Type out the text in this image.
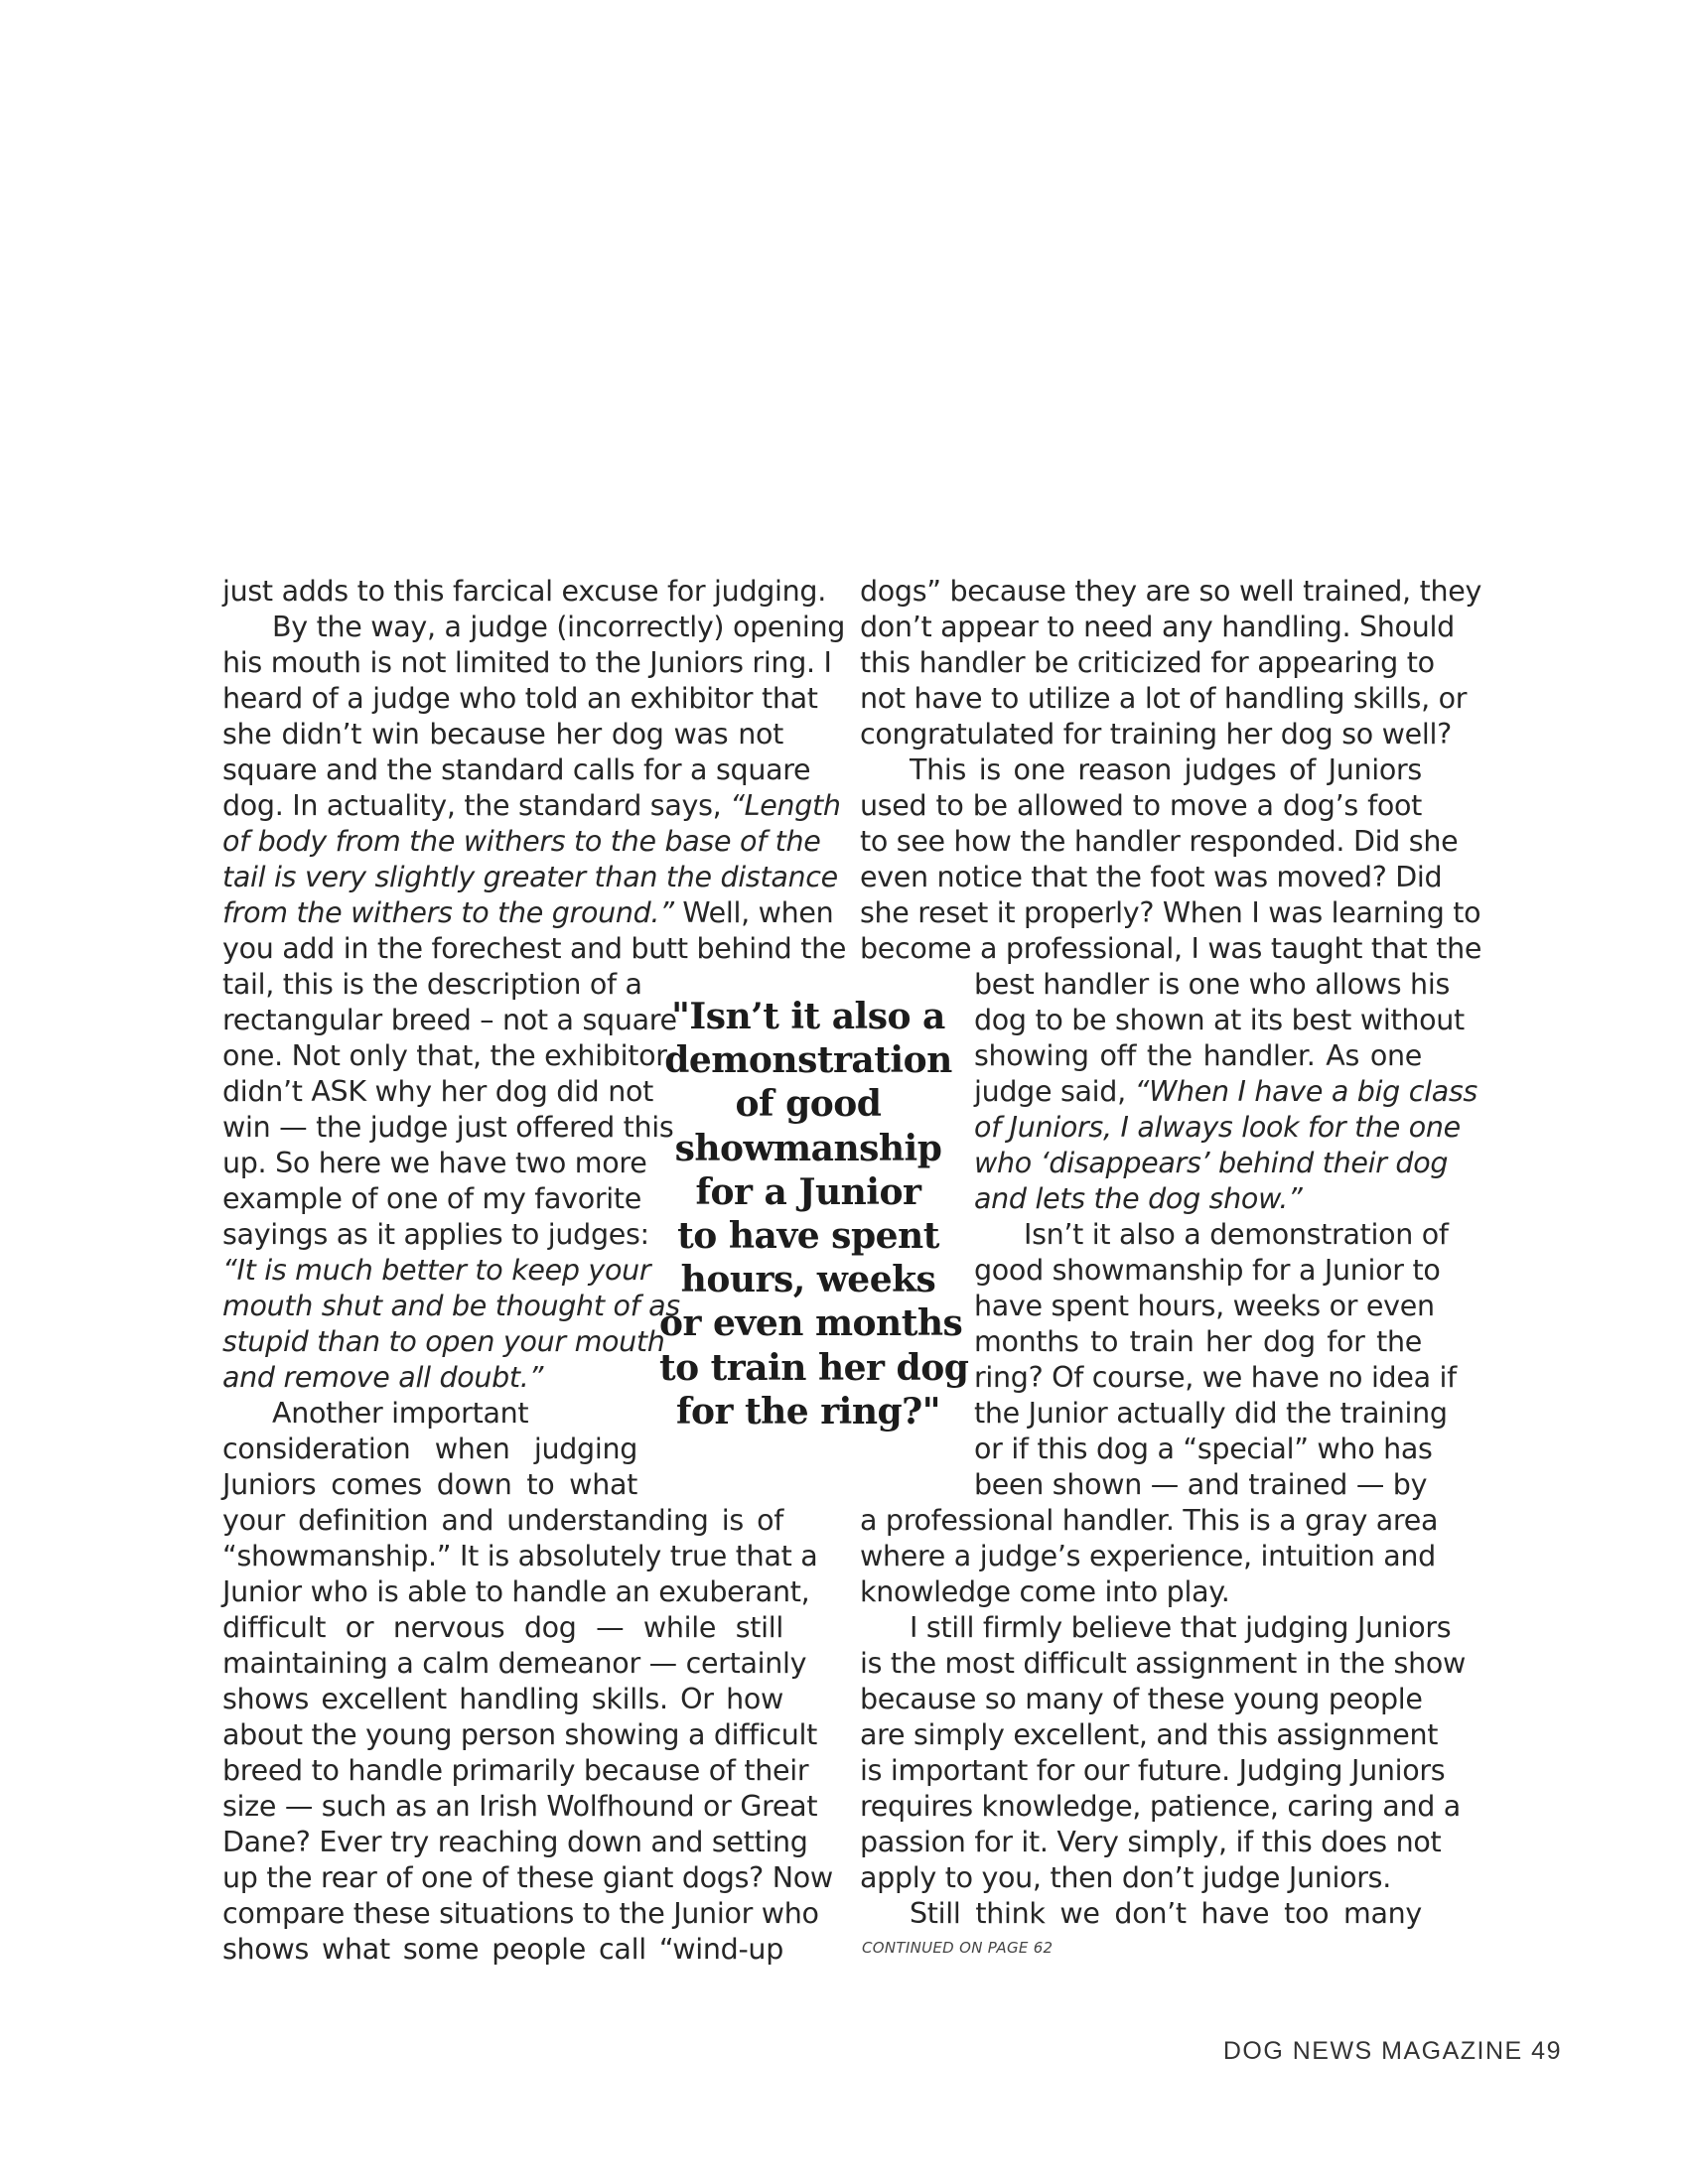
just adds to this farcical excuse for judging.
By the way, a judge (incorrectly) opening
his mouth is not limited to the Juniors ring. I
heard of a judge who told an exhibitor that
she didn’t win because her dog was not
square and the standard calls for a square
dog. In actuality, the standard says, “Length
of body from the withers to the base of the
tail is very slightly greater than the distance
from the withers to the ground.” Well, when
you add in the forechest and butt behind the
tail, this is the description of a
rectangular breed – not a square
one. Not only that, the exhibitor
didn’t ASK why her dog did not
win — the judge just offered this
up. So here we have two more
example of one of my favorite
sayings as it applies to judges:
“It is much better to keep your
mouth shut and be thought of as
stupid than to open your mouth
and remove all doubt.”
Another important
consideration when judging
Juniors comes down to what
your definition and understanding is of
“showmanship.” It is absolutely true that a
Junior who is able to handle an exuberant,
difficult or nervous dog — while still
maintaining a calm demeanor — certainly
shows excellent handling skills. Or how
about the young person showing a difficult
breed to handle primarily because of their
size — such as an Irish Wolfhound or Great
Dane? Ever try reaching down and setting
up the rear of one of these giant dogs? Now
compare these situations to the Junior who
shows what some people call “wind-up
"Isn’t it also a
demonstration
of good
showmanship
for a Junior
to have spent
hours, weeks
or even months
to train her dog
for the ring?"
dogs” because they are so well trained, they
don’t appear to need any handling. Should
this handler be criticized for appearing to
not have to utilize a lot of handling skills, or
congratulated for training her dog so well?
This is one reason judges of Juniors
used to be allowed to move a dog’s foot
to see how the handler responded. Did she
even notice that the foot was moved? Did
she reset it properly? When I was learning to
become a professional, I was taught that the
best handler is one who allows his
dog to be shown at its best without
showing off the handler. As one
judge said, “When I have a big class
of Juniors, I always look for the one
who ‘disappears’ behind their dog
and lets the dog show.”
Isn’t it also a demonstration of
good showmanship for a Junior to
have spent hours, weeks or even
months to train her dog for the
ring? Of course, we have no idea if
the Junior actually did the training
or if this dog a “special” who has
been shown — and trained — by
a professional handler. This is a gray area
where a judge’s experience, intuition and
knowledge come into play.
I still firmly believe that judging Juniors
is the most difficult assignment in the show
because so many of these young people
are simply excellent, and this assignment
is important for our future. Judging Juniors
requires knowledge, patience, caring and a
passion for it. Very simply, if this does not
apply to you, then don’t judge Juniors.
Still think we don’t have too many
CONTINUED ON PAGE 62
DOG NEWS MAGAZINE 49
